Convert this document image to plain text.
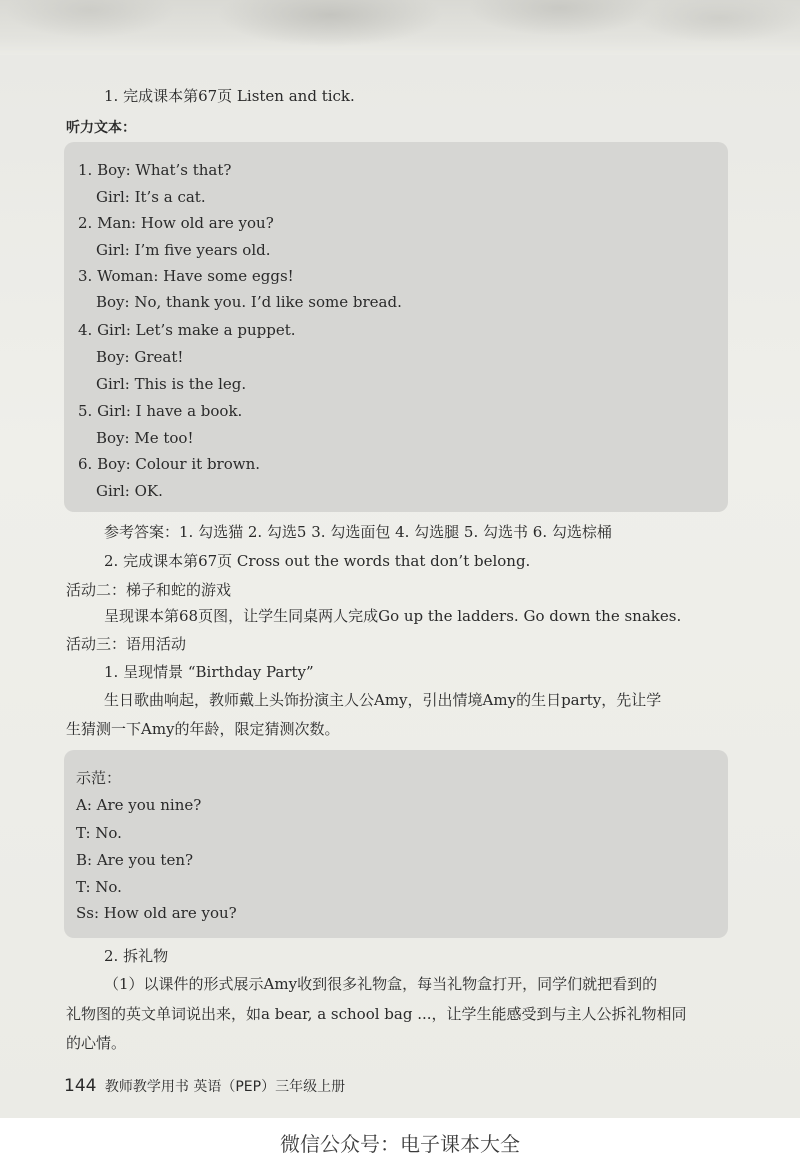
1. 完成课本第67页 Listen and tick.
听力文本：
1. Boy: What’s that?
Girl: It’s a cat.
2. Man: How old are you?
Girl: I’m five years old.
3. Woman: Have some eggs!
Boy: No, thank you. I’d like some bread.
4. Girl: Let’s make a puppet.
Boy: Great!
Girl: This is the leg.
5. Girl: I have a book.
Boy: Me too!
6. Boy: Colour it brown.
Girl: OK.
参考答案：1. 勾选猫 2. 勾选5 3. 勾选面包 4. 勾选腿 5. 勾选书 6. 勾选棕桶
2. 完成课本第67页 Cross out the words that don’t belong.
活动二：梯子和蛇的游戏
呈现课本第68页图，让学生同桌两人完成Go up the ladders. Go down the snakes.
活动三：语用活动
1. 呈现情景 “Birthday Party”
生日歌曲响起，教师戴上头饰扮演主人公Amy，引出情境Amy的生日party，先让学
生猜测一下Amy的年龄，限定猜测次数。
示范：
A: Are you nine?
T: No.
B: Are you ten?
T: No.
Ss: How old are you?
2. 拆礼物
（1）以课件的形式展示Amy收到很多礼物盒，每当礼物盒打开，同学们就把看到的
礼物图的英文单词说出来，如a bear, a school bag ...，让学生能感受到与主人公拆礼物相同
的心情。
144 教师教学用书 英语（PEP）三年级上册
微信公众号：电子课本大全
